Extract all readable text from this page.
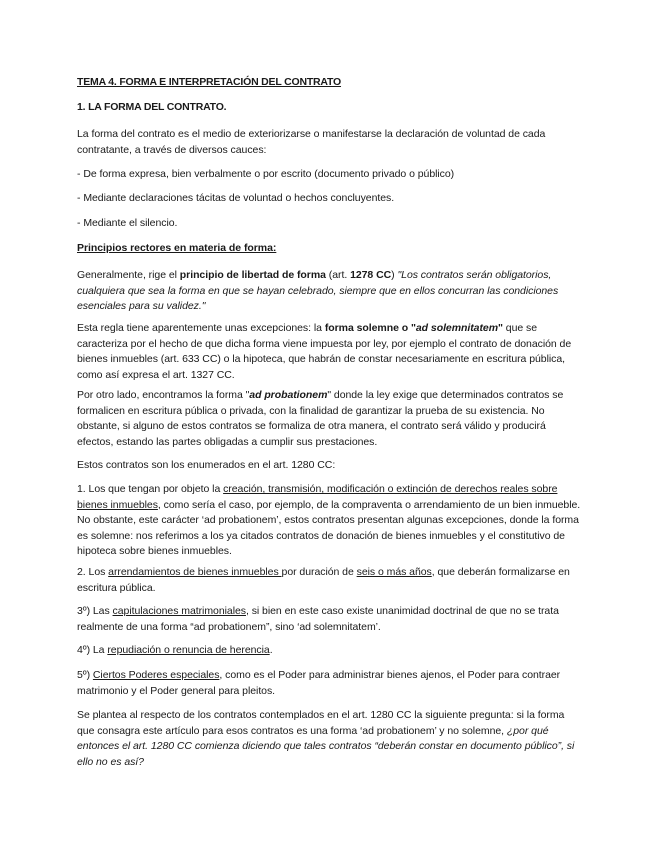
TEMA 4. FORMA E INTERPRETACIÓN DEL CONTRATO

1. LA FORMA DEL CONTRATO.

La forma del contrato es el medio de exteriorizarse o manifestarse la declaración de voluntad de cada contratante, a través de diversos cauces:

- De forma expresa, bien verbalmente o por escrito (documento privado o público)

- Mediante declaraciones tácitas de voluntad o hechos concluyentes.

- Mediante el silencio.

Principios rectores en materia de forma:

Generalmente, rige el principio de libertad de forma (art. 1278 CC) "Los contratos serán obligatorios, cualquiera que sea la forma en que se hayan celebrado, siempre que en ellos concurran las condiciones esenciales para su validez."

Esta regla tiene aparentemente unas excepciones: la forma solemne o "ad solemnitatem" que se caracteriza por el hecho de que dicha forma viene impuesta por ley, por ejemplo el contrato de donación de bienes inmuebles (art. 633 CC) o la hipoteca, que habrán de constar necesariamente en escritura pública, como así expresa el art. 1327 CC.

Por otro lado, encontramos la forma "ad probationem" donde la ley exige que determinados contratos se formalicen en escritura pública o privada, con la finalidad de garantizar la prueba de su existencia. No obstante, si alguno de estos contratos se formaliza de otra manera, el contrato será válido y producirá efectos, estando las partes obligadas a cumplir sus prestaciones.

Estos contratos son los enumerados en el art. 1280 CC:

1. Los que tengan por objeto la creación, transmisión, modificación o extinción de derechos reales sobre bienes inmuebles, como sería el caso, por ejemplo, de la compraventa o arrendamiento de un bien inmueble. No obstante, este carácter ‘ad probationem’, estos contratos presentan algunas excepciones, donde la forma es solemne: nos referimos a los ya citados contratos de donación de bienes inmuebles y el constitutivo de hipoteca sobre bienes inmuebles.

2. Los arrendamientos de bienes inmuebles por duración de seis o más años, que deberán formalizarse en escritura pública.

3º) Las capitulaciones matrimoniales, si bien en este caso existe unanimidad doctrinal de que no se trata realmente de una forma “ad probationem”, sino ‘ad solemnitatem’.

4º) La repudiación o renuncia de herencia.

5º) Ciertos Poderes especiales, como es el Poder para administrar bienes ajenos, el Poder para contraer matrimonio y el Poder general para pleitos.

Se plantea al respecto de los contratos contemplados en el art. 1280 CC la siguiente pregunta: si la forma que consagra este artículo para esos contratos es una forma ‘ad probationem’ y no solemne, ¿por qué entonces el art. 1280 CC comienza diciendo que tales contratos “deberán constar en documento público”, si ello no es así?
